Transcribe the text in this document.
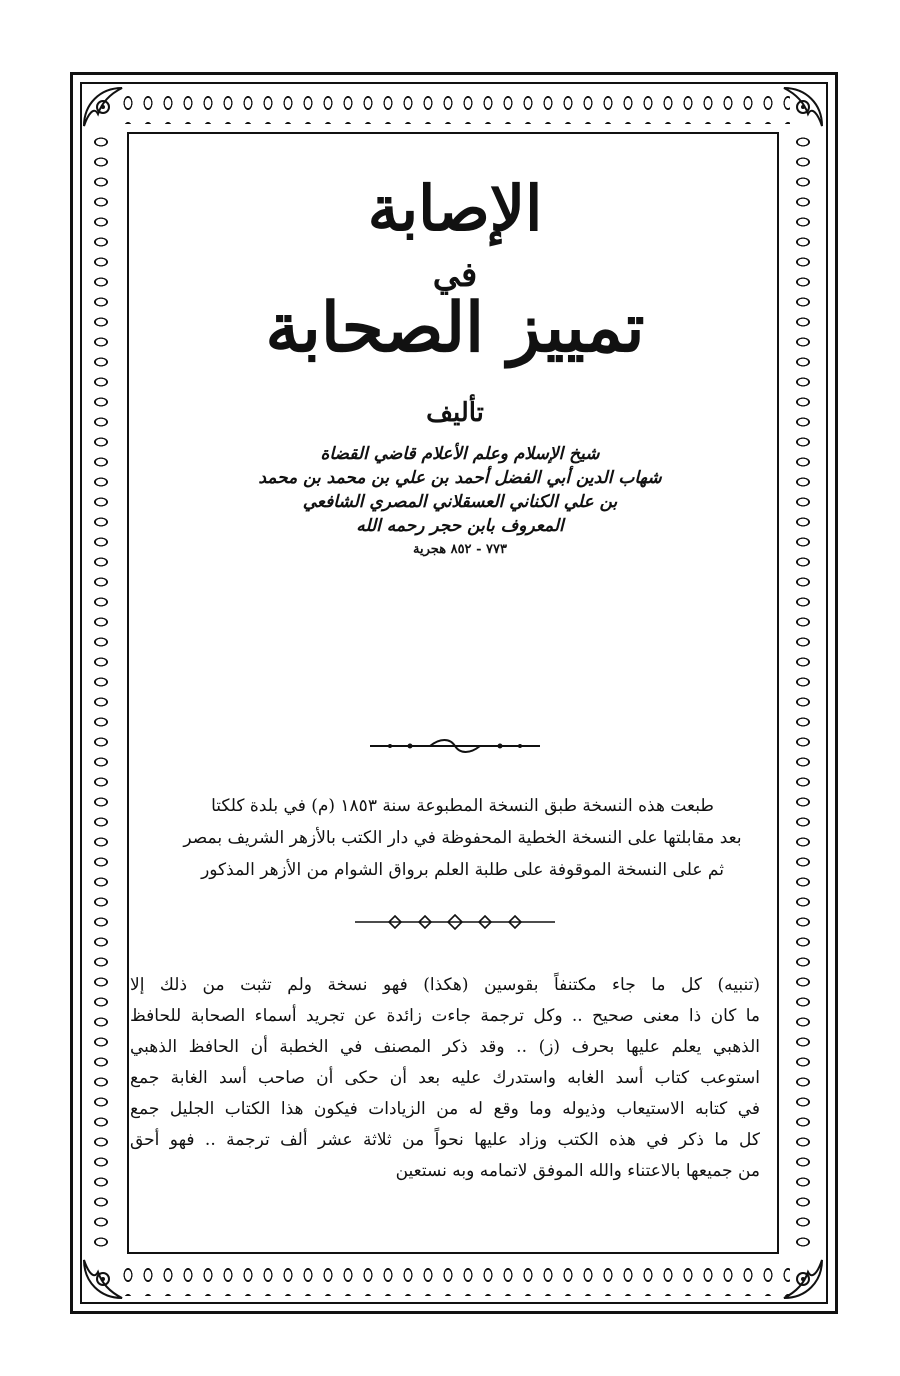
الإصابة
في
تمييز الصحابة
تأليف
شيخ الإسلام وعلم الأعلام قاضي القضاة
شهاب الدين أبي الفضل أحمد بن علي بن محمد بن محمد
بن علي الكناني العسقلاني المصري الشافعي
المعروف بابن حجر رحمه الله
٧٧٣ - ٨٥٢ هجرية
طبعت هذه النسخة طبق النسخة المطبوعة سنة ١٨٥٣ (م) في بلدة كلكتا
بعد مقابلتها على النسخة الخطية المحفوظة في دار الكتب بالأزهر الشريف بمصر
ثم على النسخة الموقوفة على طلبة العلم برواق الشوام من الأزهر المذكور
(تنبيه) كل ما جاء مكتنفاً بقوسين (هكذا) فهو نسخة ولم تثبت من ذلك إلا
ما كان ذا معنى صحيح .. وكل ترجمة جاءت زائدة عن تجريد أسماء الصحابة للحافظ
الذهبي يعلم عليها بحرف (ز) .. وقد ذكر المصنف في الخطبة أن الحافظ الذهبي
استوعب كتاب أسد الغابه واستدرك عليه بعد أن حكى أن صاحب أسد الغابة جمع
في كتابه الاستيعاب وذيوله وما وقع له من الزيادات فيكون هذا الكتاب الجليل جمع
كل ما ذكر في هذه الكتب وزاد عليها نحواً من ثلاثة عشر ألف ترجمة .. فهو أحق
من جميعها بالاعتناء والله الموفق لاتمامه وبه نستعين
